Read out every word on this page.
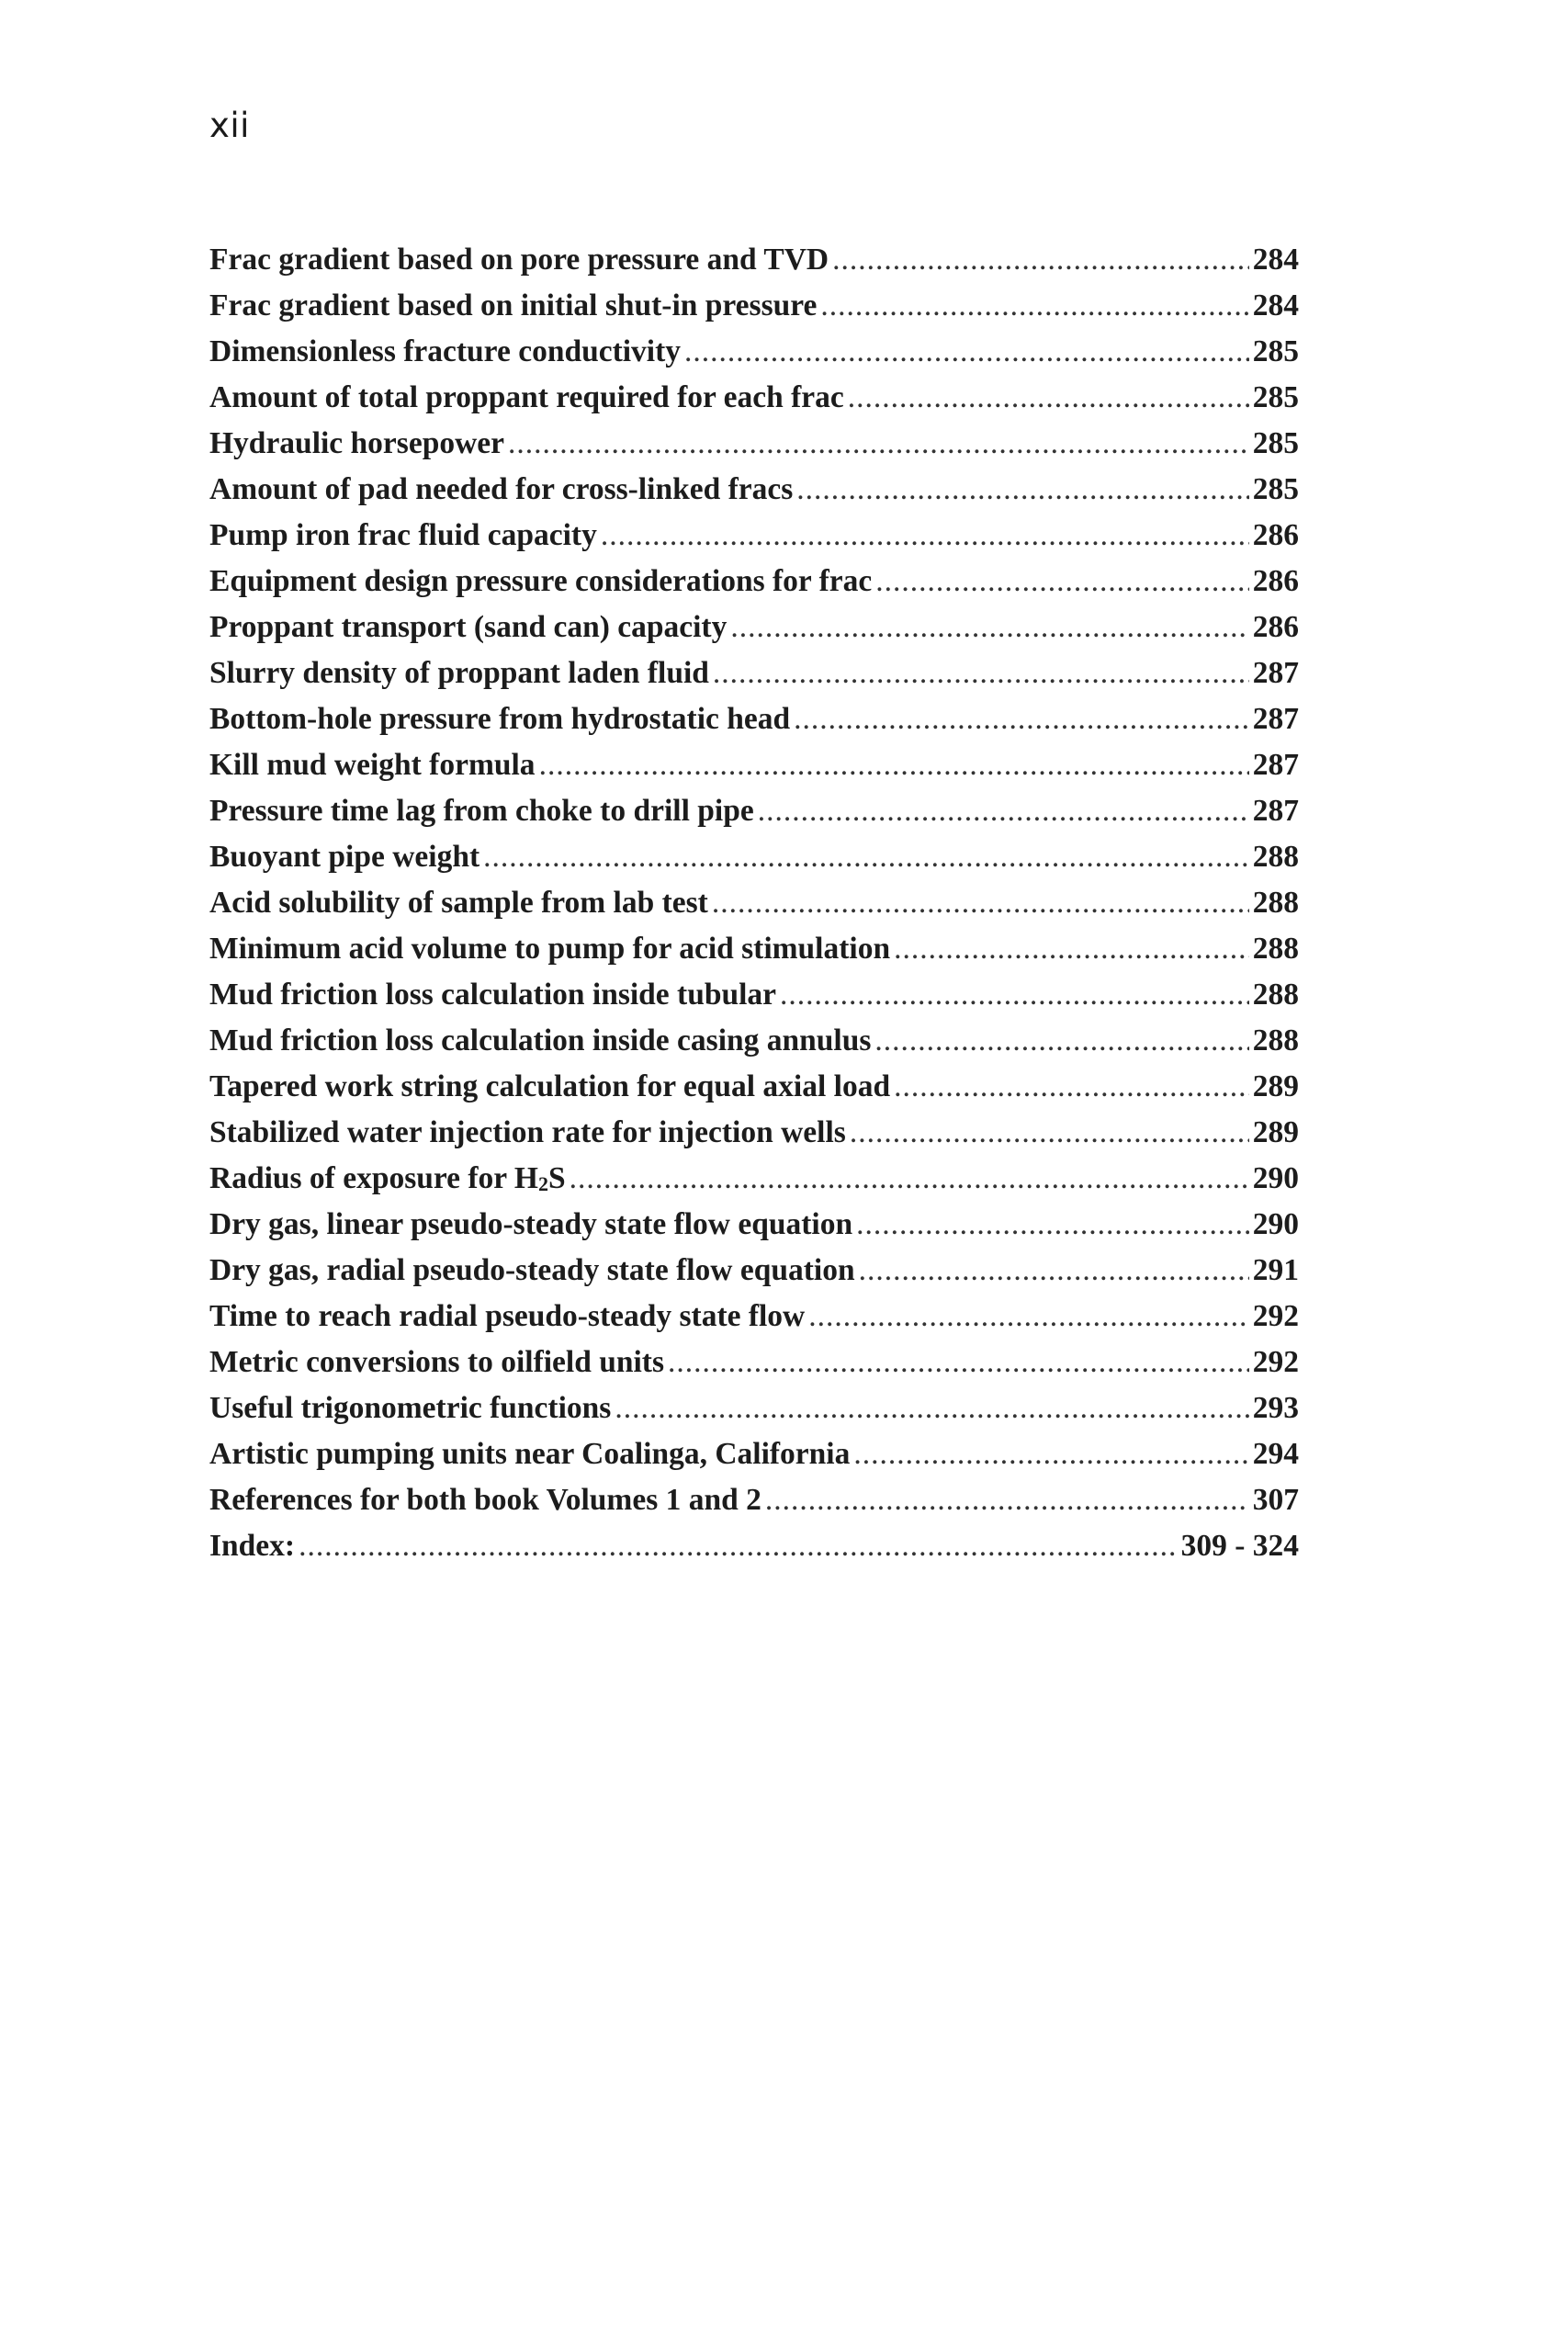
xii
Frac gradient based on pore pressure and TVD .....	284
Frac gradient based on initial shut-in pressure .....	284
Dimensionless fracture conductivity .....	285
Amount of total proppant required for each frac .....	285
Hydraulic horsepower .....	285
Amount of pad needed for cross-linked fracs .....	285
Pump iron frac fluid capacity .....	286
Equipment design pressure considerations for frac .....	286
Proppant transport (sand can) capacity .....	286
Slurry density of proppant laden fluid .....	287
Bottom-hole pressure from hydrostatic head .....	287
Kill mud weight formula .....	287
Pressure time lag from choke to drill pipe .....	287
Buoyant pipe weight .....	288
Acid solubility of sample from lab test .....	288
Minimum acid volume to pump for acid stimulation .....	288
Mud friction loss calculation inside tubular .....	288
Mud friction loss calculation inside casing annulus .....	288
Tapered work string calculation for equal axial load .....	289
Stabilized water injection rate for injection wells .....	289
Radius of exposure for $H_2S$ .....	290
Dry gas, linear pseudo-steady state flow equation .....	290
Dry gas, radial pseudo-steady state flow equation .....	291
Time to reach radial pseudo-steady state flow .....	292
Metric conversions to oilfield units .....	292
Useful trigonometric functions .....	293
Artistic pumping units near Coalinga, California .....	294
References for both book Volumes 1 and 2 .....	307
Index: .....	309 - 324
